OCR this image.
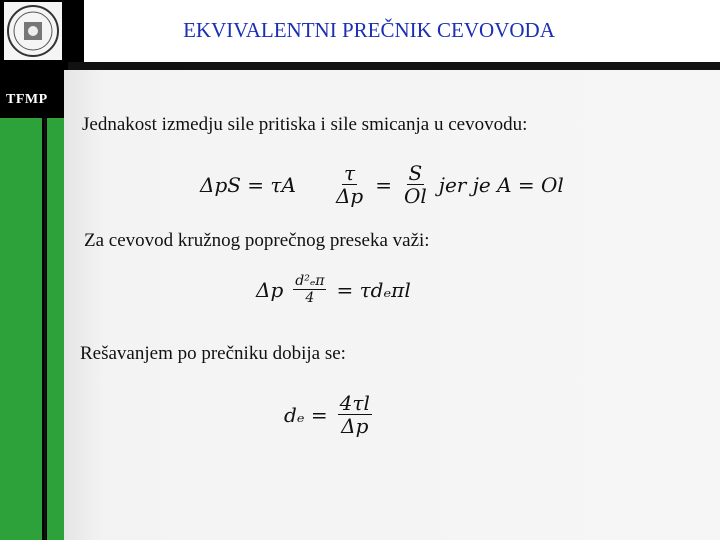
TFMP
EKVIVALENTNI PREČNIK CEVOVODA
Jednakost izmedju sile pritiska i sile smicanja u cevovodu:
ΔpS = τA $\frac{\tau}{\Delta p} = \frac{S}{Ol}$ jer je A = Ol
Za cevovod kružnog poprečnog preseka važi:
Δp $\frac{\text{d²ₑπ}}{4} = \tau d_e\pi l$
Rešavanjem po prečniku dobija se:
$d_e = \frac{4\tau l}{\Delta p}$
